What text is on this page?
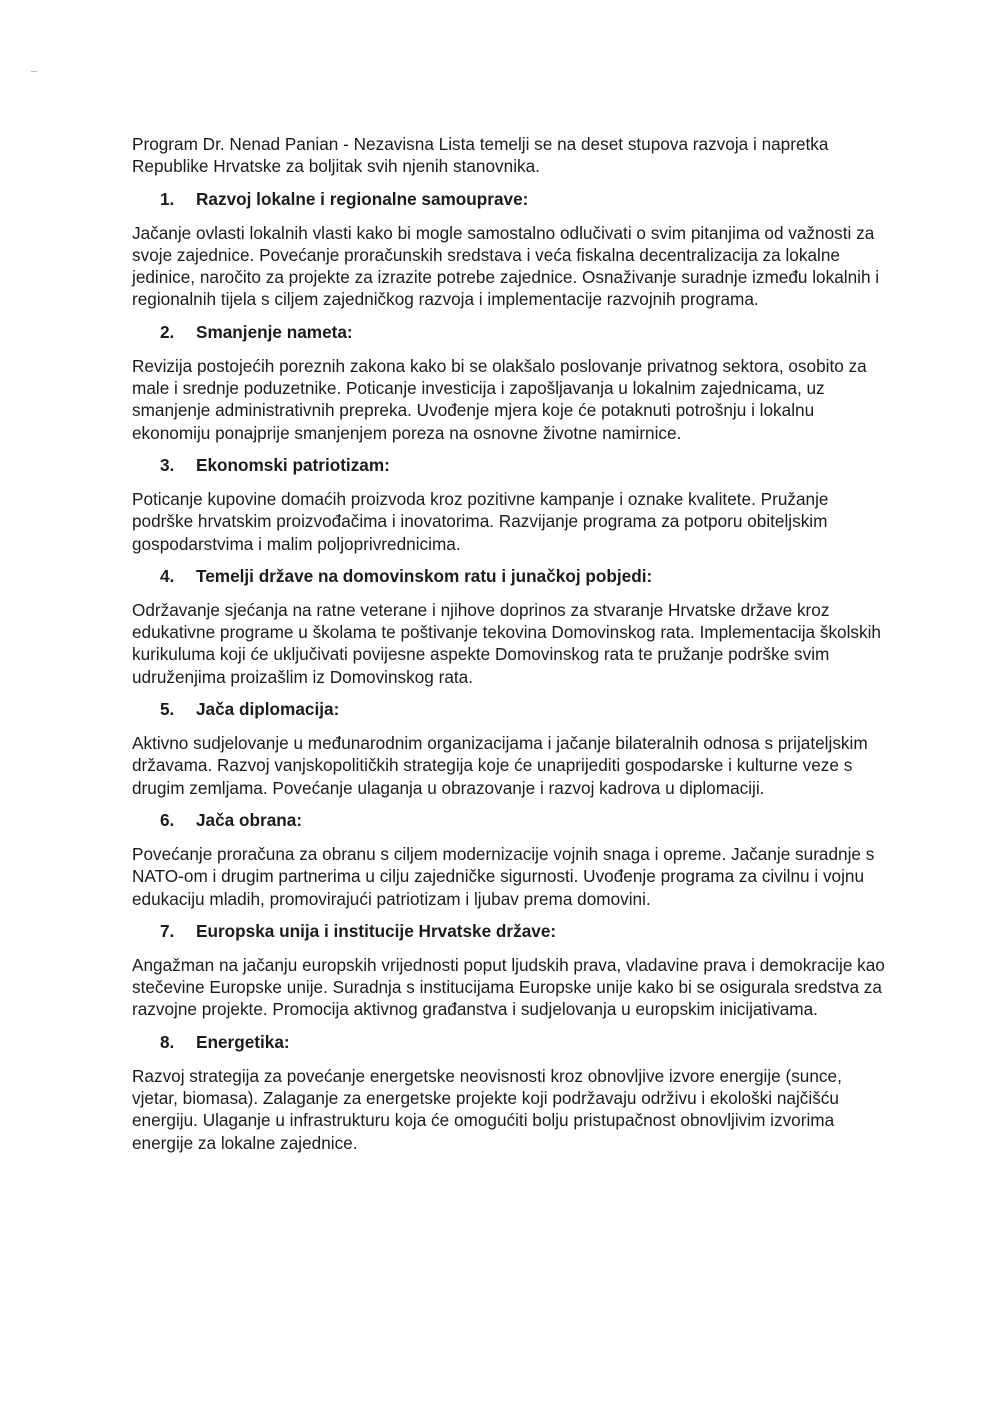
Program Dr. Nenad Panian - Nezavisna Lista temelji se na deset stupova razvoja i napretka Republike Hrvatske za boljitak svih njenih stanovnika.

1.	Razvoj lokalne i regionalne samouprave:

Jačanje ovlasti lokalnih vlasti kako bi mogle samostalno odlučivati o svim pitanjima od važnosti za svoje zajednice. Povećanje proračunskih sredstava i veća fiskalna decentralizacija za lokalne jedinice, naročito za projekte za izrazite potrebe zajednice. Osnaživanje suradnje između lokalnih i regionalnih tijela s ciljem zajedničkog razvoja i implementacije razvojnih programa.

2.	Smanjenje nameta:

Revizija postojećih poreznih zakona kako bi se olakšalo poslovanje privatnog sektora, osobito za male i srednje poduzetnike. Poticanje investicija i zapošljavanja u lokalnim zajednicama, uz smanjenje administrativnih prepreka. Uvođenje mjera koje će potaknuti potrošnju i lokalnu ekonomiju ponajprije smanjenjem poreza na osnovne životne namirnice.

3.	Ekonomski patriotizam:

Poticanje kupovine domaćih proizvoda kroz pozitivne kampanje i oznake kvalitete. Pružanje podrške hrvatskim proizvođačima i inovatorima. Razvijanje programa za potporu obiteljskim gospodarstvima i malim poljoprivrednicima.

4.	Temelji države na domovinskom ratu i junačkoj pobjedi:

Održavanje sjećanja na ratne veterane i njihove doprinos za stvaranje Hrvatske države kroz edukativne programe u školama te poštivanje tekovina Domovinskog rata. Implementacija školskih kurikuluma koji će uključivati povijesne aspekte Domovinskog rata te pružanje podrške svim udruženjima proizašlim iz Domovinskog rata.

5.	Jača diplomacija:

Aktivno sudjelovanje u međunarodnim organizacijama i jačanje bilateralnih odnosa s prijateljskim državama. Razvoj vanjskopolitičkih strategija koje će unaprijediti gospodarske i kulturne veze s drugim zemljama. Povećanje ulaganja u obrazovanje i razvoj kadrova u diplomaciji.

6.	Jača obrana:

Povećanje proračuna za obranu s ciljem modernizacije vojnih snaga i opreme. Jačanje suradnje s NATO-om i drugim partnerima u cilju zajedničke sigurnosti. Uvođenje programa za civilnu i vojnu edukaciju mladih, promovirajući patriotizam i ljubav prema domovini.

7.	Europska unija i institucije Hrvatske države:

Angažman na jačanju europskih vrijednosti poput ljudskih prava, vladavine prava i demokracije kao stečevine Europske unije. Suradnja s institucijama Europske unije kako bi se osigurala sredstva za razvojne projekte. Promocija aktivnog građanstva i sudjelovanja u europskim inicijativama.

8.	Energetika:

Razvoj strategija za povećanje energetske neovisnosti kroz obnovljive izvore energije (sunce, vjetar, biomasa). Zalaganje za energetske projekte koji podržavaju održivu i ekološki najčišću energiju. Ulaganje u infrastrukturu koja će omogućiti bolju pristupačnost obnovljivim izvorima energije za lokalne zajednice.
